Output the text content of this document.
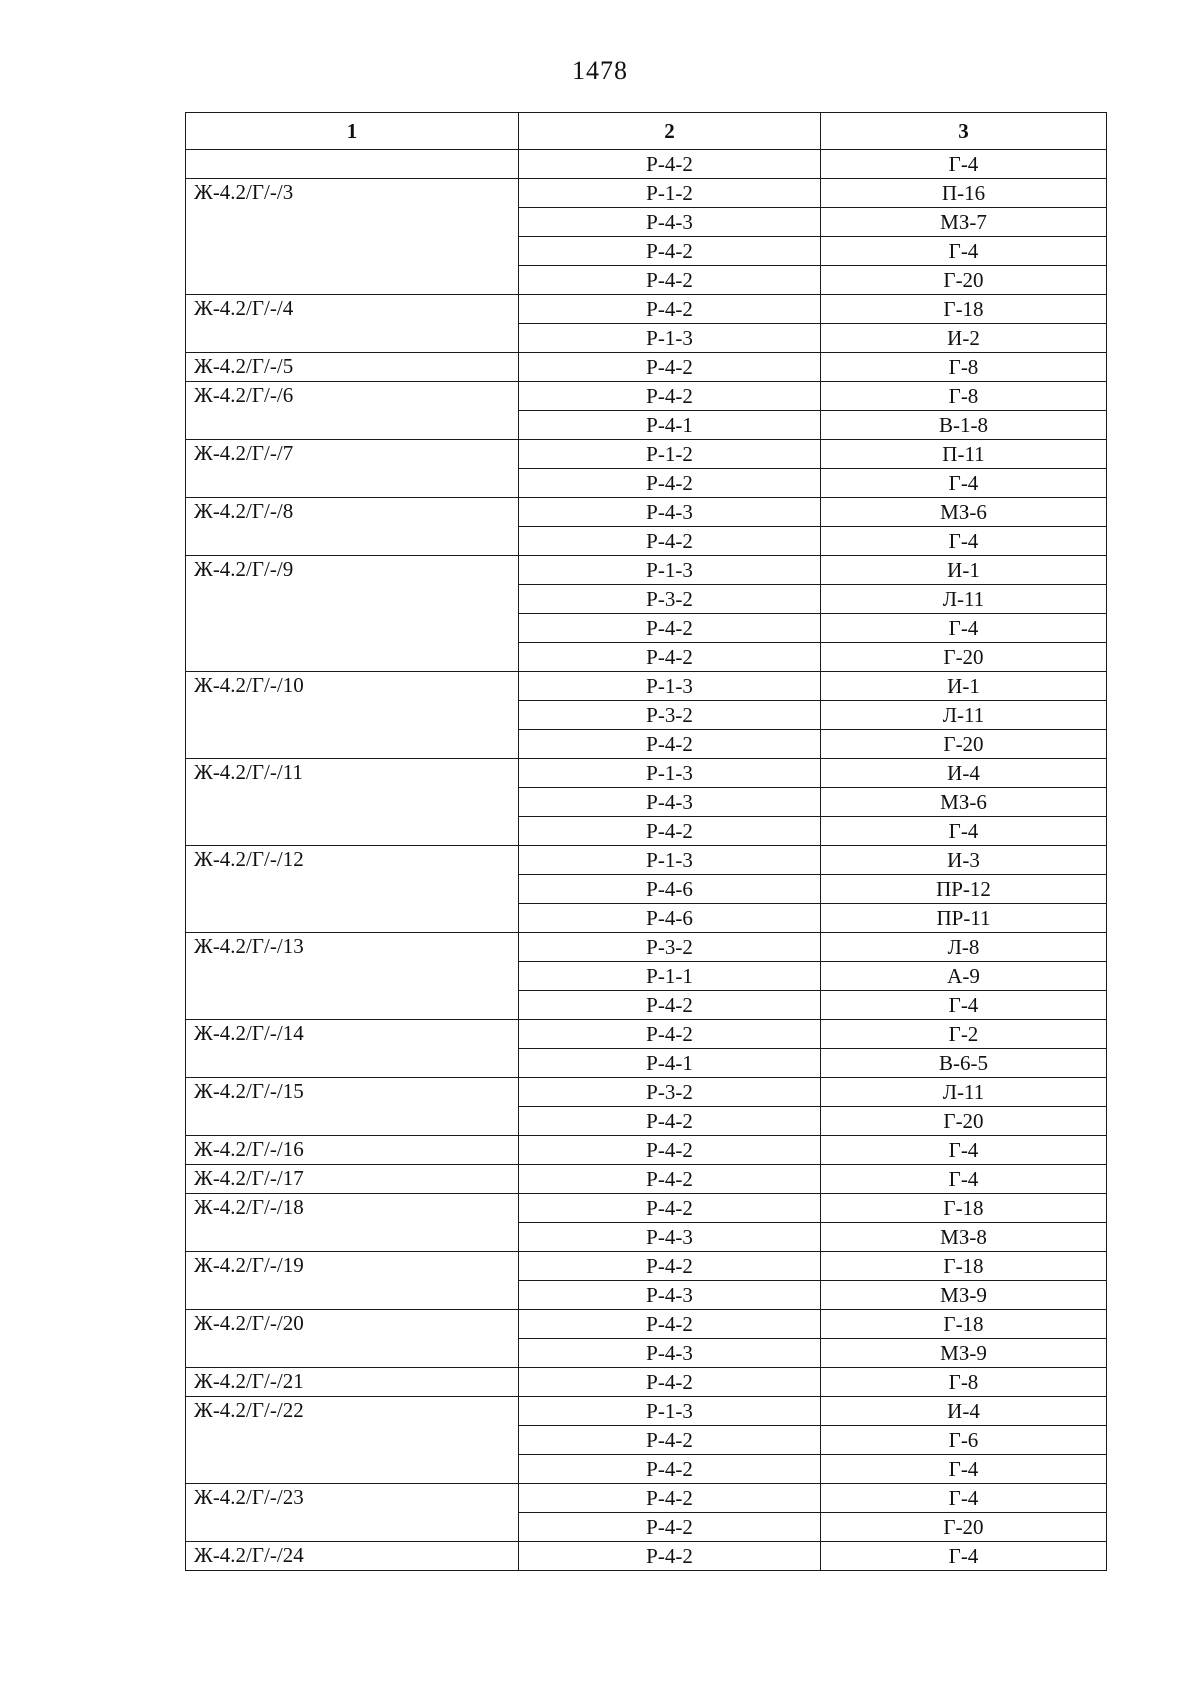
1478
1	2	3
	Р-4-2	Г-4
Ж-4.2/Г/-/3	Р-1-2	П-16
	Р-4-3	МЗ-7
	Р-4-2	Г-4
	Р-4-2	Г-20
Ж-4.2/Г/-/4	Р-4-2	Г-18
	Р-1-3	И-2
Ж-4.2/Г/-/5	Р-4-2	Г-8
Ж-4.2/Г/-/6	Р-4-2	Г-8
	Р-4-1	В-1-8
Ж-4.2/Г/-/7	Р-1-2	П-11
	Р-4-2	Г-4
Ж-4.2/Г/-/8	Р-4-3	МЗ-6
	Р-4-2	Г-4
Ж-4.2/Г/-/9	Р-1-3	И-1
	Р-3-2	Л-11
	Р-4-2	Г-4
	Р-4-2	Г-20
Ж-4.2/Г/-/10	Р-1-3	И-1
	Р-3-2	Л-11
	Р-4-2	Г-20
Ж-4.2/Г/-/11	Р-1-3	И-4
	Р-4-3	МЗ-6
	Р-4-2	Г-4
Ж-4.2/Г/-/12	Р-1-3	И-3
	Р-4-6	ПР-12
	Р-4-6	ПР-11
Ж-4.2/Г/-/13	Р-3-2	Л-8
	Р-1-1	А-9
	Р-4-2	Г-4
Ж-4.2/Г/-/14	Р-4-2	Г-2
	Р-4-1	В-6-5
Ж-4.2/Г/-/15	Р-3-2	Л-11
	Р-4-2	Г-20
Ж-4.2/Г/-/16	Р-4-2	Г-4
Ж-4.2/Г/-/17	Р-4-2	Г-4
Ж-4.2/Г/-/18	Р-4-2	Г-18
	Р-4-3	МЗ-8
Ж-4.2/Г/-/19	Р-4-2	Г-18
	Р-4-3	МЗ-9
Ж-4.2/Г/-/20	Р-4-2	Г-18
	Р-4-3	МЗ-9
Ж-4.2/Г/-/21	Р-4-2	Г-8
Ж-4.2/Г/-/22	Р-1-3	И-4
	Р-4-2	Г-6
	Р-4-2	Г-4
Ж-4.2/Г/-/23	Р-4-2	Г-4
	Р-4-2	Г-20
Ж-4.2/Г/-/24	Р-4-2	Г-4
